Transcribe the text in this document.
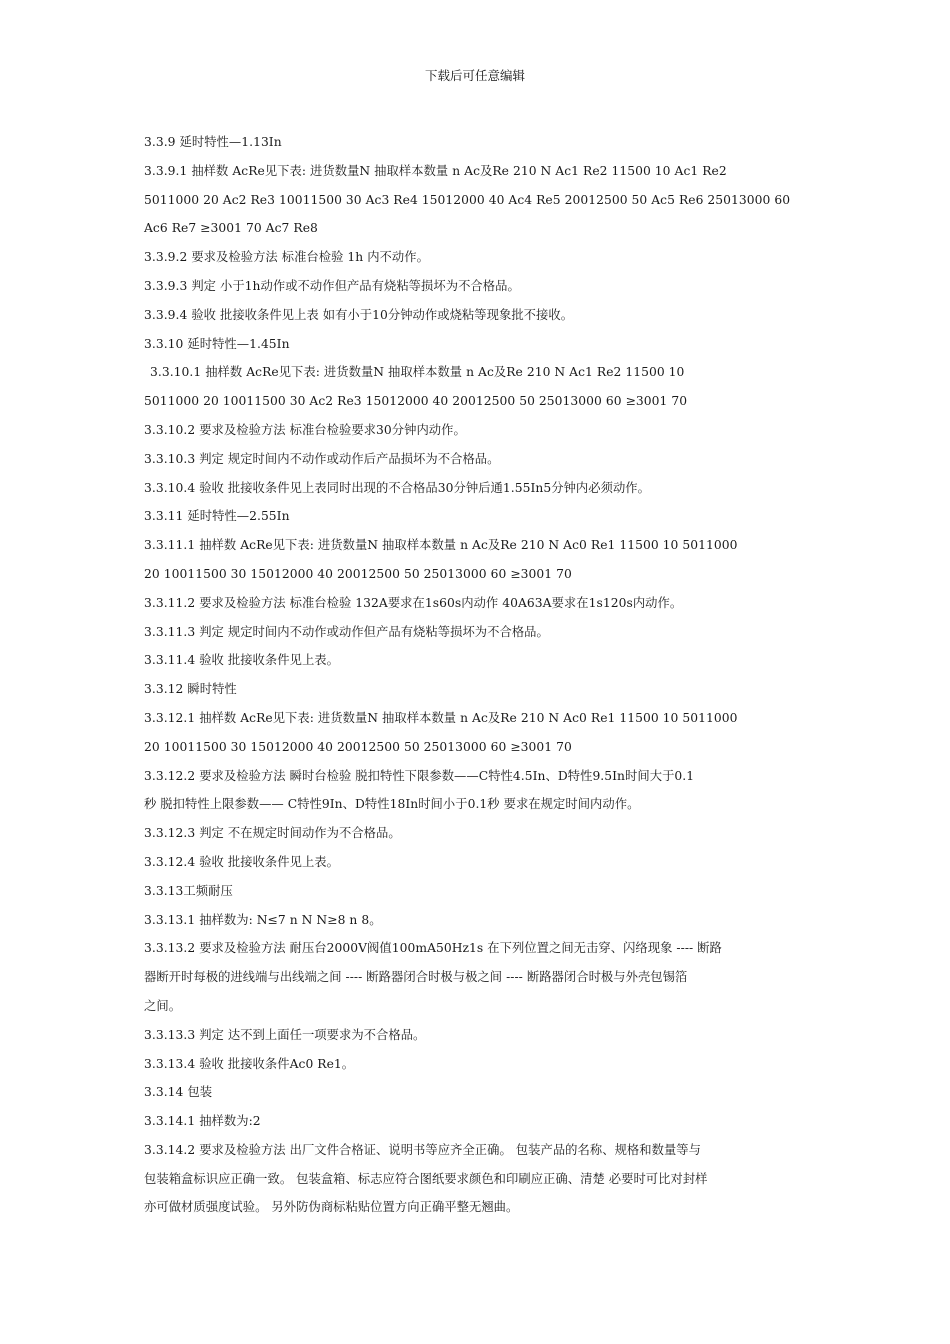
下载后可任意编辑
3.3.9 延时特性—1.13In
3.3.9.1 抽样数 AcRe见下表: 进货数量N 抽取样本数量 n Ac及Re 210 N Ac1 Re2 11500 10 Ac1 Re2
5011000 20 Ac2 Re3 10011500 30 Ac3 Re4 15012000 40 Ac4 Re5 20012500 50 Ac5 Re6 25013000 60
Ac6 Re7 ≥3001 70 Ac7 Re8
3.3.9.2 要求及检验方法 标准台检验 1h 内不动作。
3.3.9.3 判定 小于1h动作或不动作但产品有烧粘等损坏为不合格品。
3.3.9.4 验收 批接收条件见上表 如有小于10分钟动作或烧粘等现象批不接收。
3.3.10 延时特性—1.45In
3.3.10.1 抽样数 AcRe见下表: 进货数量N 抽取样本数量 n Ac及Re 210 N Ac1 Re2 11500 10
5011000 20 10011500 30 Ac2 Re3 15012000 40 20012500 50 25013000 60 ≥3001 70
3.3.10.2 要求及检验方法 标准台检验要求30分钟内动作。
3.3.10.3 判定 规定时间内不动作或动作后产品损坏为不合格品。
3.3.10.4 验收 批接收条件见上表同时出现的不合格品30分钟后通1.55In5分钟内必须动作。
3.3.11 延时特性—2.55In
3.3.11.1 抽样数 AcRe见下表: 进货数量N 抽取样本数量 n Ac及Re 210 N Ac0 Re1 11500 10 5011000
20 10011500 30 15012000 40 20012500 50 25013000 60 ≥3001 70
3.3.11.2 要求及检验方法 标准台检验 132A要求在1s60s内动作 40A63A要求在1s120s内动作。
3.3.11.3 判定 规定时间内不动作或动作但产品有烧粘等损坏为不合格品。
3.3.11.4 验收 批接收条件见上表。
3.3.12 瞬时特性
3.3.12.1 抽样数 AcRe见下表: 进货数量N 抽取样本数量 n Ac及Re 210 N Ac0 Re1 11500 10 5011000
20 10011500 30 15012000 40 20012500 50 25013000 60 ≥3001 70
3.3.12.2 要求及检验方法 瞬时台检验 脱扣特性下限参数——C特性4.5In、D特性9.5In时间大于0.1
秒 脱扣特性上限参数—— C特性9In、D特性18In时间小于0.1秒 要求在规定时间内动作。
3.3.12.3 判定 不在规定时间动作为不合格品。
3.3.12.4 验收 批接收条件见上表。
3.3.13工频耐压
3.3.13.1 抽样数为: N≤7 n N N≥8 n 8。
3.3.13.2 要求及检验方法 耐压台2000V阀值100mA50Hz1s 在下列位置之间无击穿、闪络现象 ---- 断路
器断开时每极的进线端与出线端之间 ---- 断路器闭合时极与极之间 ---- 断路器闭合时极与外壳包锡箔
之间。
3.3.13.3 判定 达不到上面任一项要求为不合格品。
3.3.13.4 验收 批接收条件Ac0 Re1。
3.3.14 包装
3.3.14.1 抽样数为:2
3.3.14.2 要求及检验方法 出厂文件合格证、说明书等应齐全正确。 包装产品的名称、规格和数量等与
包装箱盒标识应正确一致。 包装盒箱、标志应符合图纸要求颜色和印刷应正确、清楚 必要时可比对封样
亦可做材质强度试验。 另外防伪商标粘贴位置方向正确平整无翘曲。
